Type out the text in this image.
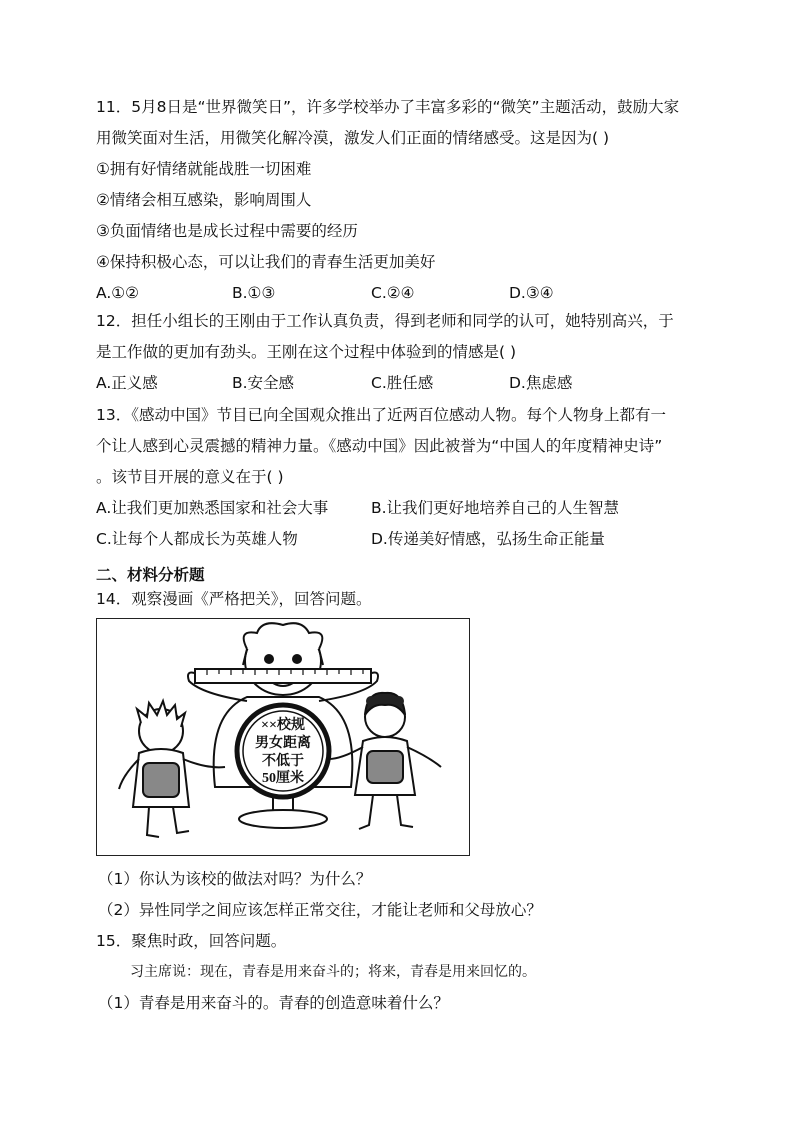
11．5月8日是“世界微笑日”，许多学校举办了丰富多彩的“微笑”主题活动，鼓励大家
用微笑面对生活，用微笑化解冷漠，激发人们正面的情绪感受。这是因为( )
①拥有好情绪就能战胜一切困难
②情绪会相互感染，影响周围人
③负面情绪也是成长过程中需要的经历
④保持积极心态，可以让我们的青春生活更加美好
A.①②	B.①③	C.②④	D.③④
12．担任小组长的王刚由于工作认真负责，得到老师和同学的认可，她特别高兴，于
是工作做的更加有劲头。王刚在这个过程中体验到的情感是( )
A.正义感	B.安全感	C.胜任感	D.焦虑感
13．《感动中国》节目已向全国观众推出了近两百位感动人物。每个人物身上都有一
个让人感到心灵震撼的精神力量。《感动中国》因此被誉为“中国人的年度精神史诗”
。该节目开展的意义在于( )
A.让我们更加熟悉国家和社会大事	B.让我们更好地培养自己的人生智慧
C.让每个人都成长为英雄人物	D.传递美好情感，弘扬生命正能量
二、材料分析题
14．观察漫画《严格把关》，回答问题。
××校规
男女距离
不低于
50厘米
（1）你认为该校的做法对吗？为什么？
（2）异性同学之间应该怎样正常交往，才能让老师和父母放心？
15．聚焦时政，回答问题。
习主席说：现在，青春是用来奋斗的；将来，青春是用来回忆的。
（1）青春是用来奋斗的。青春的创造意味着什么？
